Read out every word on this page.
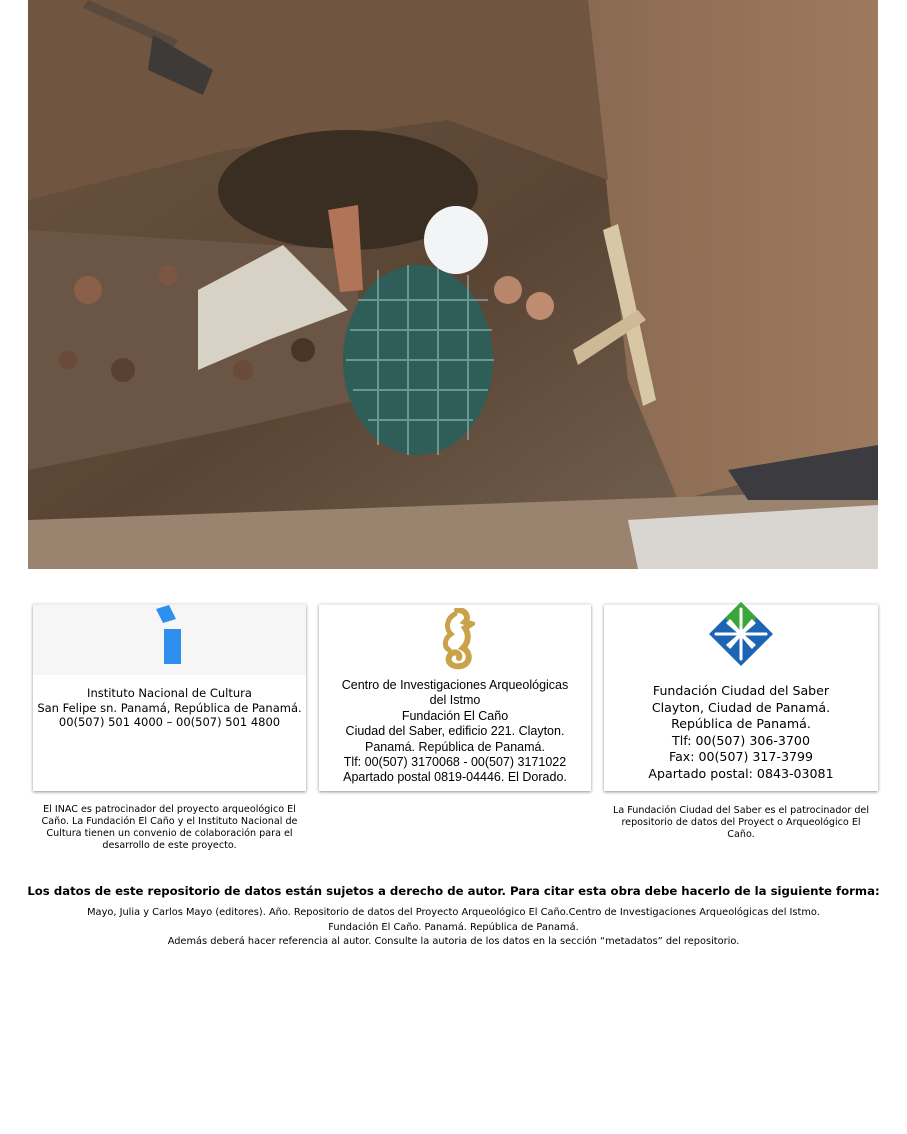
Instituto Nacional de Cultura
San Felipe sn. Panamá, República de Panamá.
00(507) 501 4000 – 00(507) 501 4800
Centro de Investigaciones Arqueológicas
del Istmo
Fundación El Caño
Ciudad del Saber, edificio 221. Clayton.
Panamá. República de Panamá.
Tlf: 00(507) 3170068 - 00(507) 3171022
Apartado postal 0819-04446. El Dorado.
Fundación Ciudad del Saber
Clayton, Ciudad de Panamá.
República de Panamá.
Tlf: 00(507) 306-3700
Fax: 00(507) 317-3799
Apartado postal: 0843-03081
El INAC es patrocinador del proyecto arqueológico El
Caño. La Fundación El Caño y el Instituto Nacional de
Cultura tienen un convenio de colaboración para el
desarrollo de este proyecto.
La Fundación Ciudad del Saber es el patrocinador del
repositorio de datos del Proyect o Arqueológico El
Caño.
Los datos de este repositorio de datos están sujetos a derecho de autor. Para citar esta obra debe hacerlo de la siguiente forma:
Mayo, Julia y Carlos Mayo (editores). Año. Repositorio de datos del Proyecto Arqueológico El Caño.Centro de Investigaciones Arqueológicas del Istmo.
Fundación El Caño. Panamá. República de Panamá.
Además deberá hacer referencia al autor. Consulte la autoria de los datos en la sección “metadatos” del repositorio.
